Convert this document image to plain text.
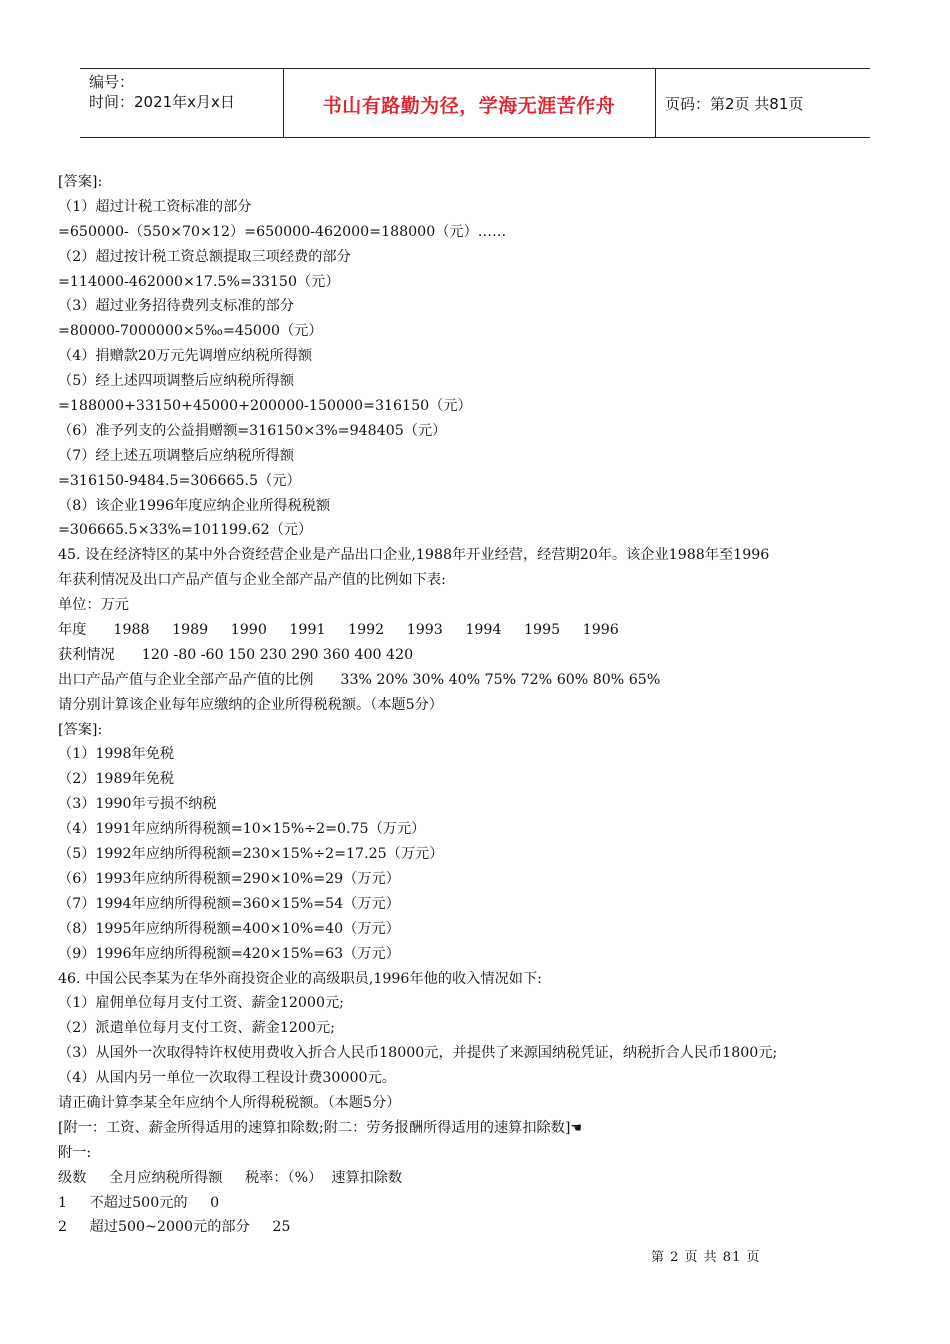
编号：
时间：2021年x月x日	书山有路勤为径，学海无涯苦作舟	页码：第2页 共81页
[答案]:
（1）超过计税工资标准的部分
=650000-（550×70×12）=650000-462000=188000（元）……
（2）超过按计税工资总额提取三项经费的部分
=114000-462000×17.5%=33150（元）
（3）超过业务招待费列支标准的部分
=80000-7000000×5‰=45000（元）
（4）捐赠款20万元先调增应纳税所得额
（5）经上述四项调整后应纳税所得额
=188000+33150+45000+200000-150000=316150（元）
（6）准予列支的公益捐赠额=316150×3%=948405（元）
（7）经上述五项调整后应纳税所得额
=316150-9484.5=306665.5（元）
（8）该企业1996年度应纳企业所得税税额
=306665.5×33%=101199.62（元）
45. 设在经济特区的某中外合资经营企业是产品出口企业,1988年开业经营，经营期20年。该企业1988年至1996
年获利情况及出口产品产值与企业全部产品产值的比例如下表:
单位：万元
年度      1988     1989     1990     1991     1992     1993     1994     1995     1996
获利情况      120 -80 -60 150 230 290 360 400 420
出口产品产值与企业全部产品产值的比例      33% 20% 30% 40% 75% 72% 60% 80% 65%
请分别计算该企业每年应缴纳的企业所得税税额。（本题5分）
[答案]:
（1）1998年免税
（2）1989年免税
（3）1990年亏损不纳税
（4）1991年应纳所得税额=10×15%÷2=0.75（万元）
（5）1992年应纳所得税额=230×15%÷2=17.25（万元）
（6）1993年应纳所得税额=290×10%=29（万元）
（7）1994年应纳所得税额=360×15%=54（万元）
（8）1995年应纳所得税额=400×10%=40（万元）
（9）1996年应纳所得税额=420×15%=63（万元）
46. 中国公民李某为在华外商投资企业的高级职员,1996年他的收入情况如下:
（1）雇佣单位每月支付工资、薪金12000元;
（2）派遣单位每月支付工资、薪金1200元;
（3）从国外一次取得特许权使用费收入折合人民币18000元，并提供了来源国纳税凭证，纳税折合人民币1800元;
（4）从国内另一单位一次取得工程设计费30000元。
请正确计算李某全年应纳个人所得税税额。（本题5分）
[附一：工资、薪金所得适用的速算扣除数;附二：劳务报酬所得适用的速算扣除数]☚
附一:
级数     全月应纳税所得额     税率：（%）  速算扣除数
1     不超过500元的     0
2     超过500~2000元的部分     25
第 2 页 共 81 页
